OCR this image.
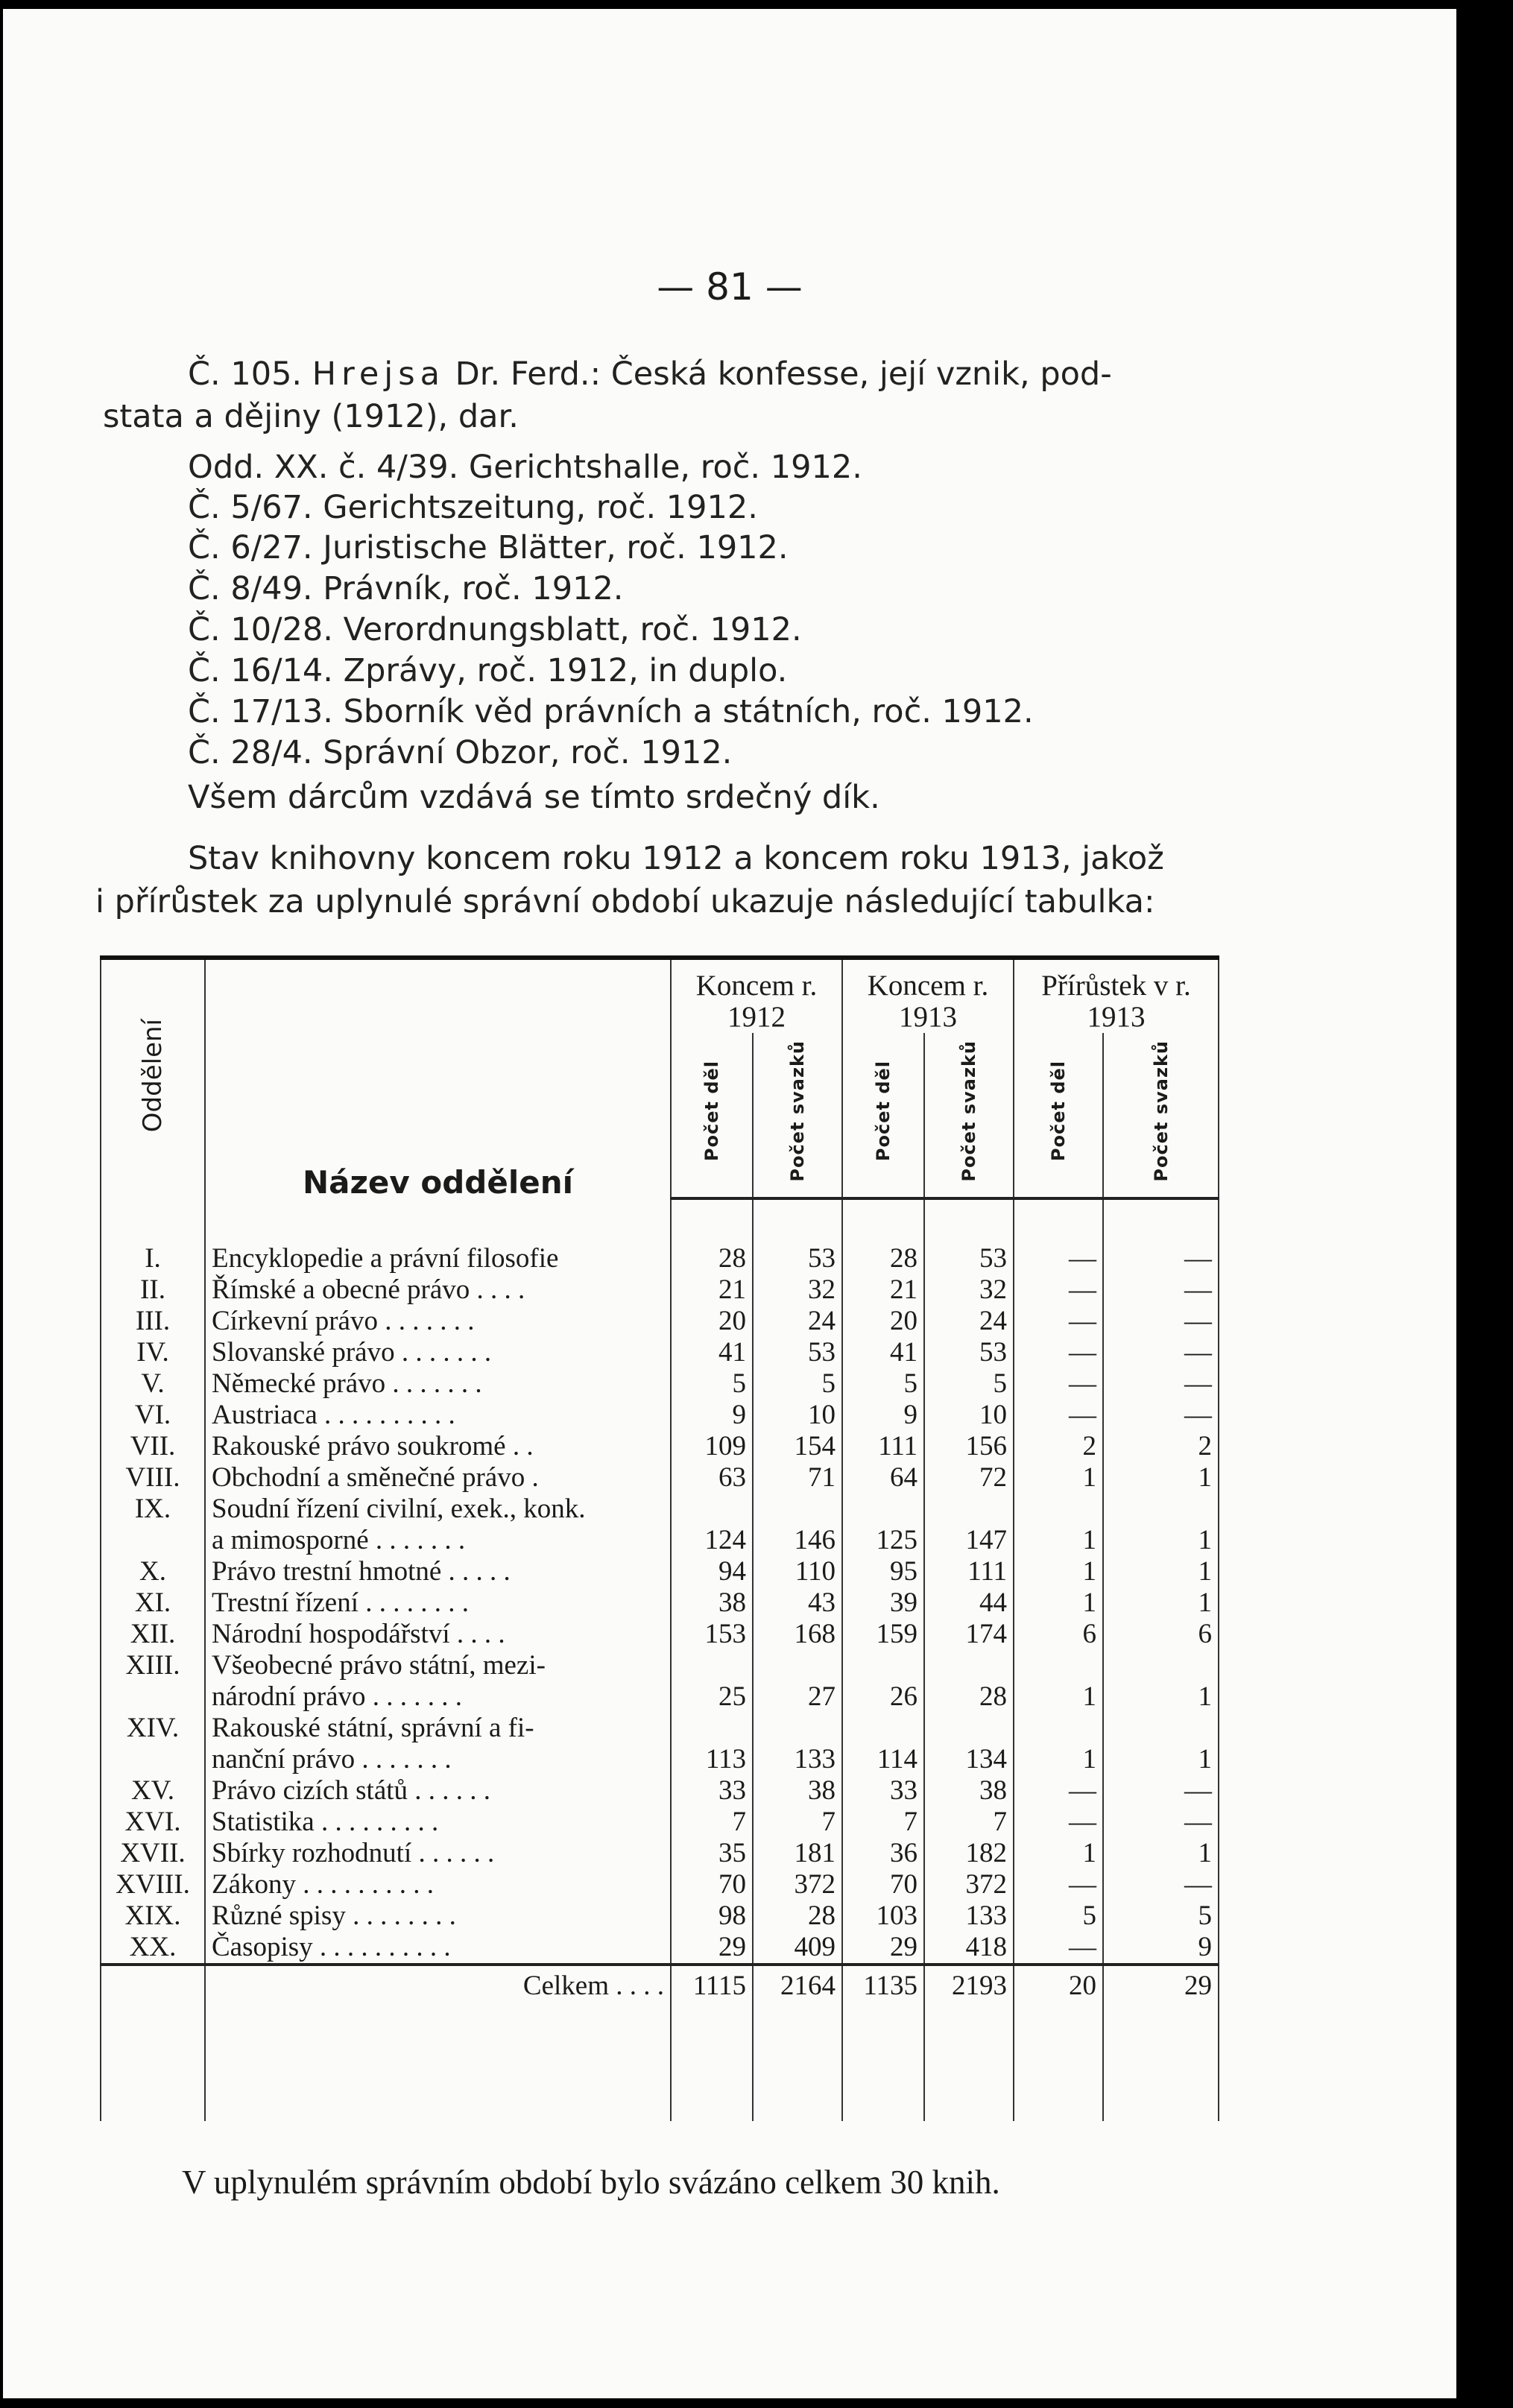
— 81 —
Č. 105. Hrejsa Dr. Ferd.: Česká konfesse, její vznik, pod-
stata a dějiny (1912), dar.
Odd. XX. č. 4/39. Gerichtshalle, roč. 1912.
Č. 5/67. Gerichtszeitung, roč. 1912.
Č. 6/27. Juristische Blätter, roč. 1912.
Č. 8/49. Právník, roč. 1912.
Č. 10/28. Verordnungsblatt, roč. 1912.
Č. 16/14. Zprávy, roč. 1912, in duplo.
Č. 17/13. Sborník věd právních a státních, roč. 1912.
Č. 28/4. Správní Obzor, roč. 1912.
Všem dárcům vzdává se tímto srdečný dík.
Stav knihovny koncem roku 1912 a koncem roku 1913, jakož
i přírůstek za uplynulé správní období ukazuje následující tabulka:
Oddělení	Název oddělení	Koncem r. 1912		Koncem r. 1913		Přírůstek v r. 1913	
		Počet děl	Počet svazků	Počet děl	Počet svazků	Počet děl	Počet svazků
I.	Encyklopedie a právní filosofie	28	53	28	53	—	—
II.	Římské a obecné právo . . . .	21	32	21	32	—	—
III.	Církevní právo . . . . . . .	20	24	20	24	—	—
IV.	Slovanské právo . . . . . . .	41	53	41	53	—	—
V.	Německé právo . . . . . . .	5	5	5	5	—	—
VI.	Austriaca . . . . . . . . . .	9	10	9	10	—	—
VII.	Rakouské právo soukromé . .	109	154	111	156	2	2
VIII.	Obchodní a směnečné právo .	63	71	64	72	1	1
IX.	Soudní řízení civilní, exek., konk.						
	a mimosporné . . . . . . .	124	146	125	147	1	1
X.	Právo trestní hmotné . . . . .	94	110	95	111	1	1
XI.	Trestní řízení . . . . . . . .	38	43	39	44	1	1
XII.	Národní hospodářství . . . .	153	168	159	174	6	6
XIII.	Všeobecné právo státní, mezi-						
	národní právo . . . . . . .	25	27	26	28	1	1
XIV.	Rakouské státní, správní a fi-						
	nanční právo . . . . . . .	113	133	114	134	1	1
XV.	Právo cizích států . . . . . .	33	38	33	38	—	—
XVI.	Statistika . . . . . . . . .	7	7	7	7	—	—
XVII.	Sbírky rozhodnutí . . . . . .	35	181	36	182	1	1
XVIII.	Zákony . . . . . . . . . .	70	372	70	372	—	—
XIX.	Různé spisy . . . . . . . .	98	28	103	133	5	5
XX.	Časopisy . . . . . . . . . .	29	409	29	418	—	9
	Celkem . . . .	1115	2164	1135	2193	20	29

V uplynulém správním období bylo svázáno celkem 30 knih.
